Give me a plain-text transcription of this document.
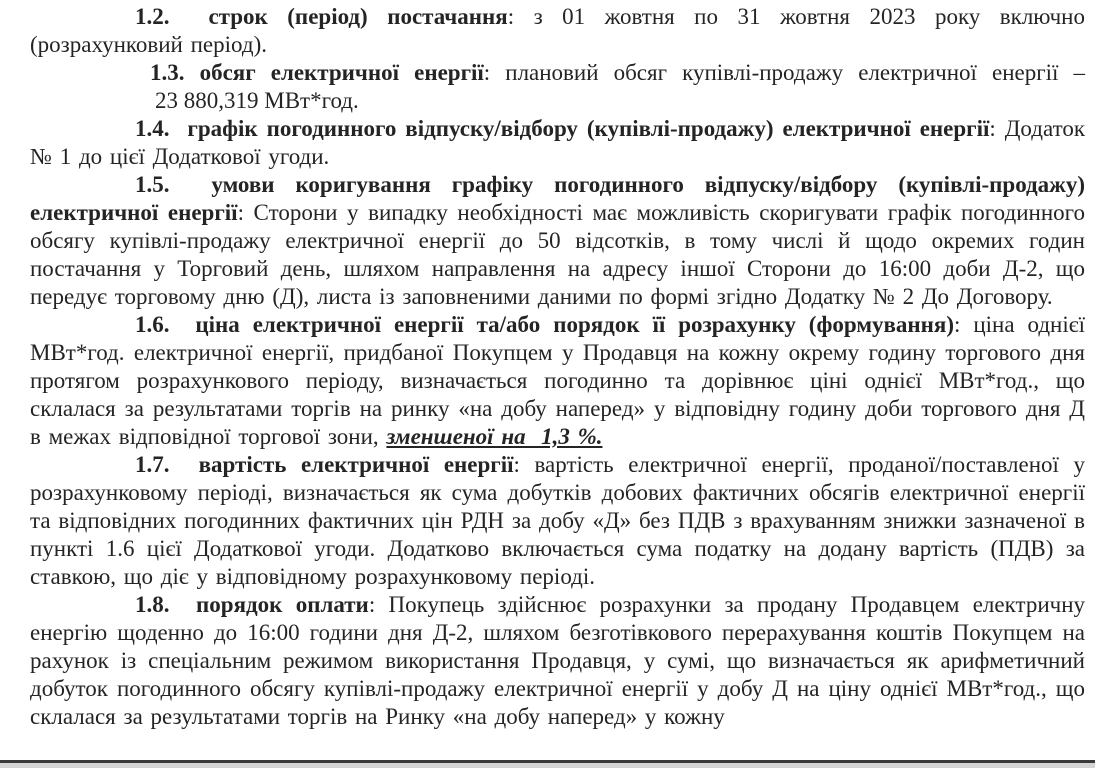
1.2.  строк (період) постачання: з 01 жовтня по 31 жовтня 2023 року включно (розрахунковий період).

1.3. обсяг електричної енергії: плановий обсяг купівлі-продажу електричної енергії –
23 880,319 МВт*год.

1.4.  графік погодинного відпуску/відбору (купівлі-продажу) електричної енергії: Додаток № 1 до цієї Додаткової угоди.

1.5.  умови коригування графіку погодинного відпуску/відбору (купівлі-продажу) електричної енергії: Сторони у випадку необхідності має можливість скоригувати графік погодинного обсягу купівлі-продажу електричної енергії до 50 відсотків, в тому числі й щодо окремих годин постачання у Торговий день, шляхом направлення на адресу іншої Сторони до 16:00 доби Д-2, що передує торговому дню (Д), листа із заповненими даними по формі згідно Додатку № 2 До Договору.

1.6.  ціна електричної енергії та/або порядок її розрахунку (формування): ціна однієї МВт*год. електричної енергії, придбаної Покупцем у Продавця на кожну окрему годину торгового дня протягом розрахункового періоду, визначається погодинно та дорівнює ціні однієї МВт*год., що склалася за результатами торгів на ринку «на добу наперед» у відповідну годину доби торгового дня Д в межах відповідної торгової зони, зменшеної на  1,3 %.

1.7.  вартість електричної енергії: вартість електричної енергії, проданої/поставленої у розрахунковому періоді, визначається як сума добутків добових фактичних обсягів електричної енергії та відповідних погодинних фактичних цін РДН за добу «Д» без ПДВ з врахуванням знижки зазначеної в пункті 1.6 цієї Додаткової угоди. Додатково включається сума податку на додану вартість (ПДВ) за ставкою, що діє у відповідному розрахунковому періоді.

1.8.  порядок оплати: Покупець здійснює розрахунки за продану Продавцем електричну енергію щоденно до 16:00 години дня Д-2, шляхом безготівкового перерахування коштів Покупцем на рахунок із спеціальним режимом використання Продавця, у сумі, що визначається як арифметичний добуток погодинного обсягу купівлі-продажу електричної енергії у добу Д на ціну однієї МВт*год., що склалася за результатами торгів на Ринку «на добу наперед» у кожну
